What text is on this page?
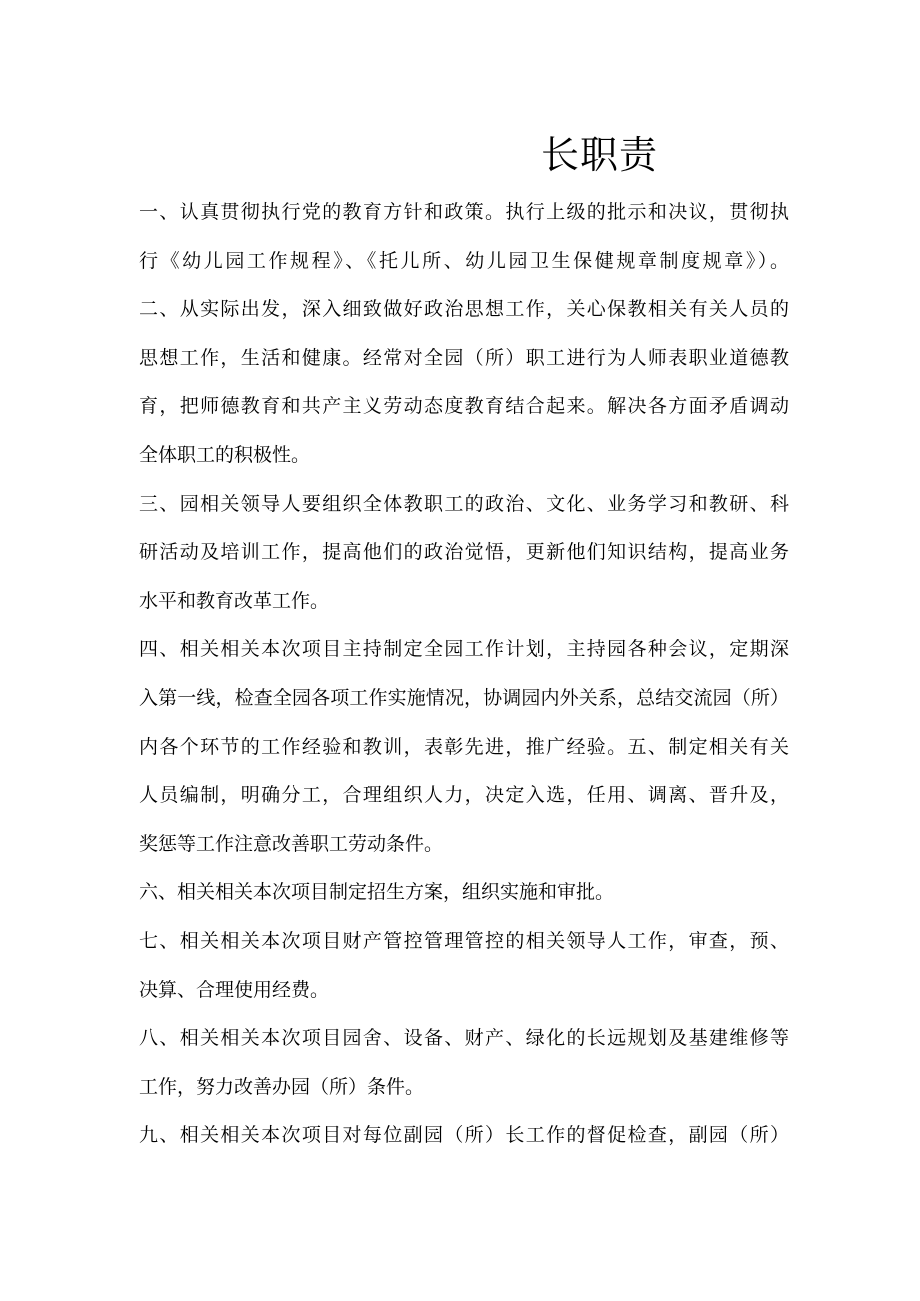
长职责
一、认真贯彻执行党的教育方针和政策。执行上级的批示和决议，贯彻执
行《幼儿园工作规程》、《托儿所、幼儿园卫生保健规章制度规章》）。
二、从实际出发，深入细致做好政治思想工作，关心保教相关有关人员的
思想工作，生活和健康。经常对全园（所）职工进行为人师表职业道德教
育，把师德教育和共产主义劳动态度教育结合起来。解决各方面矛盾调动
全体职工的积极性。
三、园相关领导人要组织全体教职工的政治、文化、业务学习和教研、科
研活动及培训工作，提高他们的政治觉悟，更新他们知识结构，提高业务
水平和教育改革工作。
四、相关相关本次项目主持制定全园工作计划，主持园各种会议，定期深
入第一线，检查全园各项工作实施情况，协调园内外关系，总结交流园（所）
内各个环节的工作经验和教训，表彰先进，推广经验。五、制定相关有关
人员编制，明确分工，合理组织人力，决定入选，任用、调离、晋升及，
奖惩等工作注意改善职工劳动条件。
六、相关相关本次项目制定招生方案，组织实施和审批。
七、相关相关本次项目财产管控管理管控的相关领导人工作，审查，预、
决算、合理使用经费。
八、相关相关本次项目园舍、设备、财产、绿化的长远规划及基建维修等
工作，努力改善办园（所）条件。
九、相关相关本次项目对每位副园（所）长工作的督促检查，副园（所）
